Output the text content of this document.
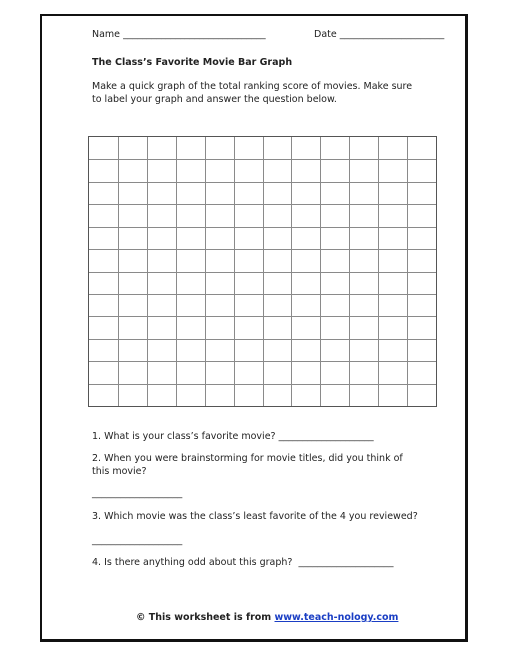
Name ______________________________	Date ______________________
The Class’s Favorite Movie Bar Graph
Make a quick graph of the total ranking score of movies. Make sure to label your graph and answer the question below.
1. What is your class’s favorite movie? ____________________
2. When you were brainstorming for movie titles, did you think of this movie?
___________________
3. Which movie was the class’s least favorite of the 4 you reviewed?
___________________
4. Is there anything odd about this graph?  ____________________
© This worksheet is from www.teach-nology.com
